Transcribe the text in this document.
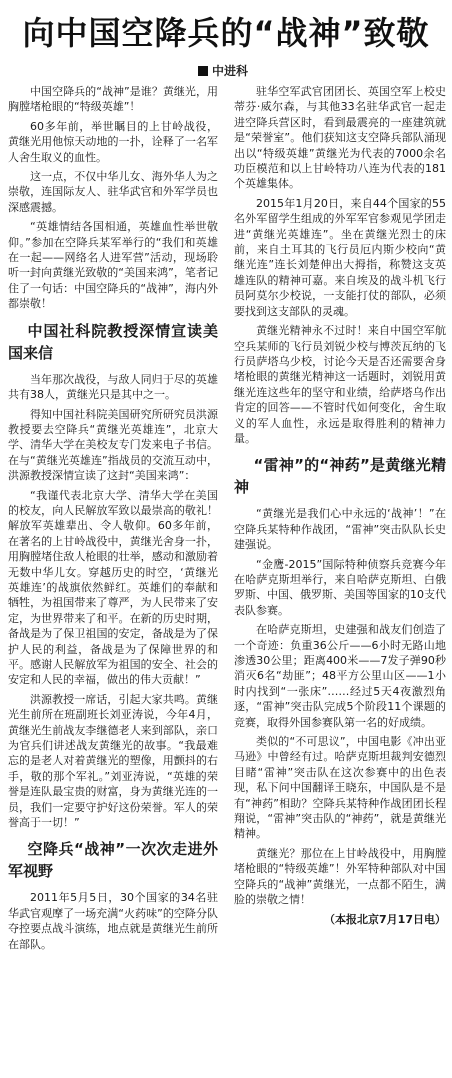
向中国空降兵的“战神”致敬
中进科

中国空降兵的“战神”是谁？黄继光，用胸膛堵枪眼的“特级英雄”！

60多年前，举世瞩目的上甘岭战役，黄继光用他惊天动地的一扑，诠释了一名军人舍生取义的血性。

这一点，不仅中华儿女、海外华人为之崇敬，连国际友人、驻华武官和外军学员也深感震撼。

“英雄情结各国相通，英雄血性举世敬仰。”参加在空降兵某军举行的“我们和英雄在一起——网络名人进军营”活动，现场聆听一封向黄继光致敬的“美国来鸿”，笔者记住了一句话：中国空降兵的“战神”，海内外都崇敬！

中国社科院教授深情宣读美国来信

当年那次战役，与敌人同归于尽的英雄共有38人，黄继光只是其中之一。

得知中国社科院美国研究所研究员洪源教授要去空降兵“黄继光英雄连”，北京大学、清华大学在美校友专门发来电子书信。在与“黄继光英雄连”指战员的交流互动中，洪源教授深情宣读了这封“美国来鸿”：

“我谨代表北京大学、清华大学在美国的校友，向人民解放军致以最崇高的敬礼！解放军英雄辈出、令人敬仰。60多年前，在著名的上甘岭战役中，黄继光舍身一扑，用胸膛堵住敌人枪眼的壮举，感动和激励着无数中华儿女。穿越历史的时空，‘黄继光英雄连’的战旗依然鲜红。英雄们的奉献和牺牲，为祖国带来了尊严，为人民带来了安定，为世界带来了和平。在新的历史时期，备战是为了保卫祖国的安定，备战是为了保护人民的利益，备战是为了保障世界的和平。感谢人民解放军为祖国的安全、社会的安定和人民的幸福，做出的伟大贡献！”

洪源教授一席话，引起大家共鸣。黄继光生前所在班副班长刘亚涛说，今年4月，黄继光生前战友李继德老人来到部队，亲口为官兵们讲述战友黄继光的故事。“我最难忘的是老人对着黄继光的塑像，用颤抖的右手，敬的那个军礼。”刘亚涛说，“英雄的荣誉是连队最宝贵的财富，身为黄继光连的一员，我们一定要守护好这份荣誉。军人的荣誉高于一切！”

空降兵“战神”一次次走进外军视野

2011年5月5日，30个国家的34名驻华武官观摩了一场充满“火药味”的空降分队夺控要点战斗演练，地点就是黄继光生前所在部队。

驻华空军武官团团长、英国空军上校史蒂芬·威尔森，与其他33名驻华武官一起走进空降兵营区时，看到最震亮的一座建筑就是“荣誉室”。他们获知这支空降兵部队涌现出以“特级英雄”黄继光为代表的7000余名功臣模范和以上甘岭特功八连为代表的181个英雄集体。

2015年1月20日，来自44个国家的55名外军留学生组成的外军军官参观见学团走进“黄继光英雄连”。坐在黄继光烈士的床前，来自土耳其的飞行员厄内斯少校向“黄继光连”连长刘楚伸出大拇指，称赞这支英雄连队的精神可嘉。来自埃及的战斗机飞行员阿莫尔少校说，一支能打仗的部队，必须要找到这支部队的灵魂。

黄继光精神永不过时！来自中国空军航空兵某师的飞行员刘锐少校与博茨瓦纳的飞行员萨塔乌少校，讨论今天是否还需要舍身堵枪眼的黄继光精神这一话题时，刘锐用黄继光连这些年的坚守和业绩，给萨塔乌作出肯定的回答——不管时代如何变化，舍生取义的军人血性，永远是取得胜利的精神力量。

“雷神”的“神药”是黄继光精神

“黄继光是我们心中永远的‘战神’！”在空降兵某特种作战团，“雷神”突击队队长史建强说。

“金鹰-2015”国际特种侦察兵竞赛今年在哈萨克斯坦举行，来自哈萨克斯坦、白俄罗斯、中国、俄罗斯、美国等国家的10支代表队参赛。

在哈萨克斯坦，史建强和战友们创造了一个奇迹：负重36公斤——6小时无路山地渗透30公里；距离400米——7发子弹90秒消灭6名“劫匪”；48平方公里山区——1小时内找到“一张床”……经过5天4夜激烈角逐，“雷神”突击队完成5个阶段11个课题的竞赛，取得外国参赛队第一名的好成绩。

类似的“不可思议”，中国电影《冲出亚马逊》中曾经有过。哈萨克斯坦裁判安德烈目睹“雷神”突击队在这次参赛中的出色表现，私下问中国翻译王晓东，中国队是不是有“神药”相助？空降兵某特种作战团团长程翔说，“雷神”突击队的“神药”，就是黄继光精神。

黄继光？那位在上甘岭战役中，用胸膛堵枪眼的“特级英雄”！外军特种部队对中国空降兵的“战神”黄继光，一点都不陌生，满脸的崇敬之情！

（本报北京7月17日电）
